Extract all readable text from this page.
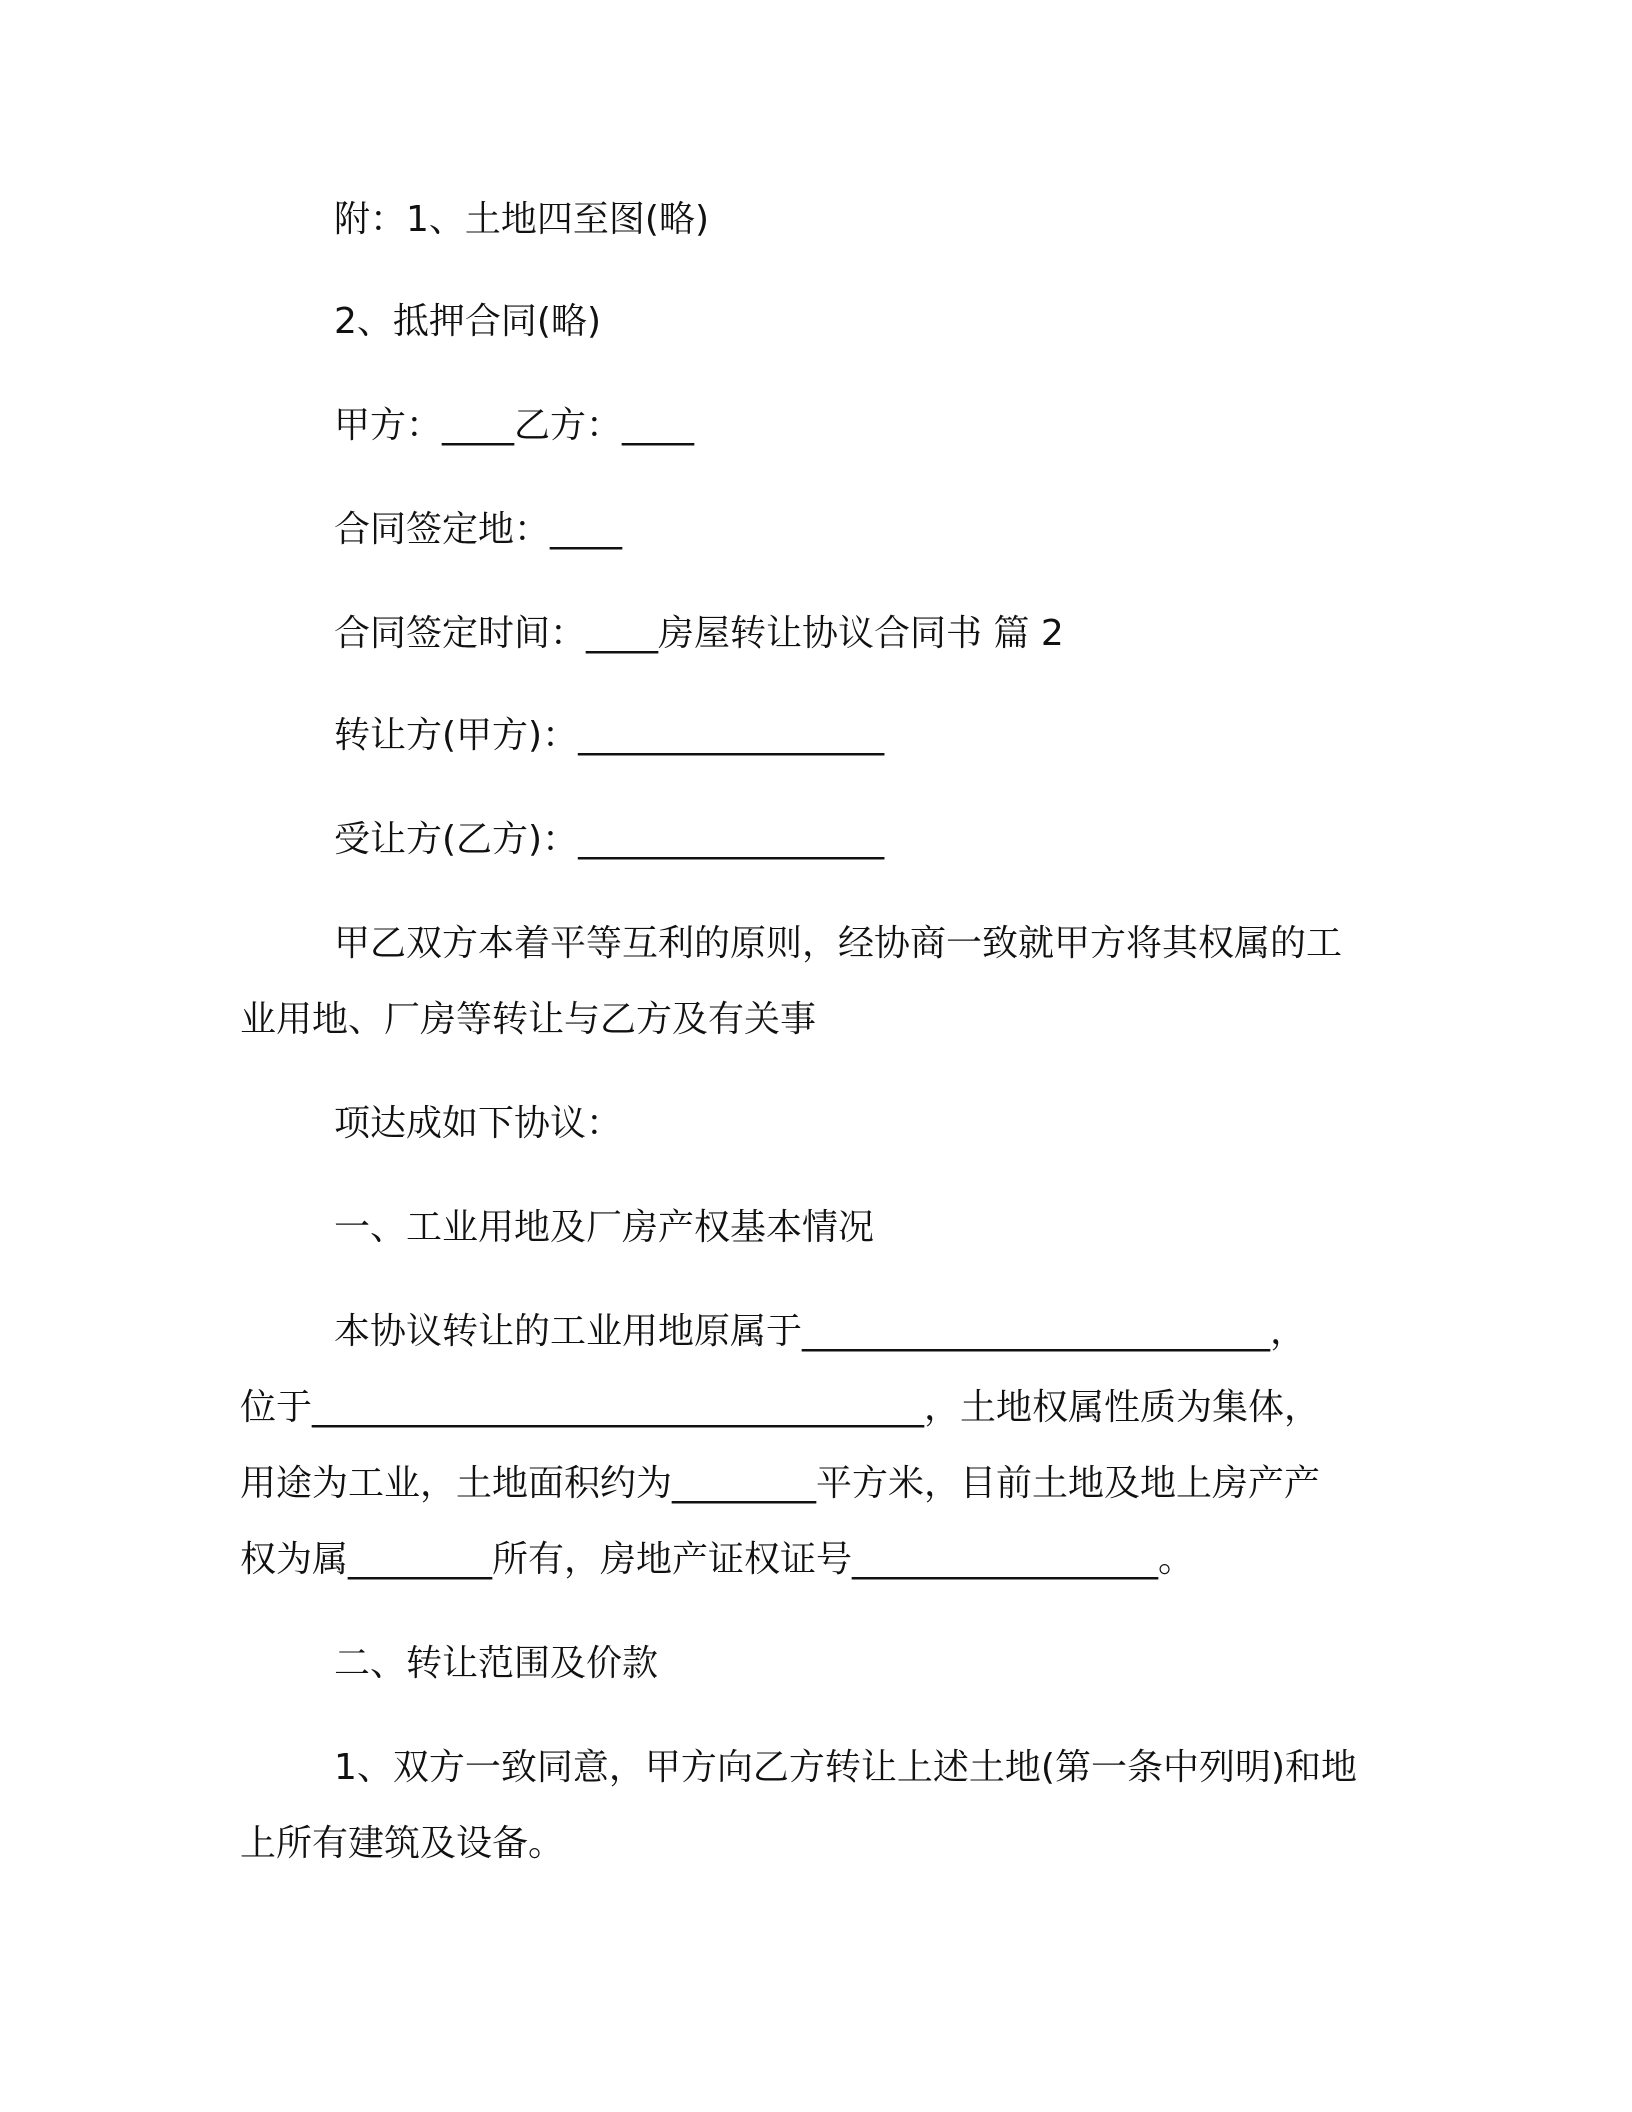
附：1、土地四至图(略)

2、抵押合同(略)

甲方：____乙方：____

合同签定地：____

合同签定时间：____房屋转让协议合同书 篇 2

转让方(甲方)：_________________

受让方(乙方)：_________________

甲乙双方本着平等互利的原则，经协商一致就甲方将其权属的工
业用地、厂房等转让与乙方及有关事

项达成如下协议：

一、工业用地及厂房产权基本情况

本协议转让的工业用地原属于__________________________，
位于__________________________________，土地权属性质为集体，
用途为工业，土地面积约为________平方米，目前土地及地上房产产
权为属________所有，房地产证权证号_________________。

二、转让范围及价款

1、双方一致同意，甲方向乙方转让上述土地(第一条中列明)和地
上所有建筑及设备。
